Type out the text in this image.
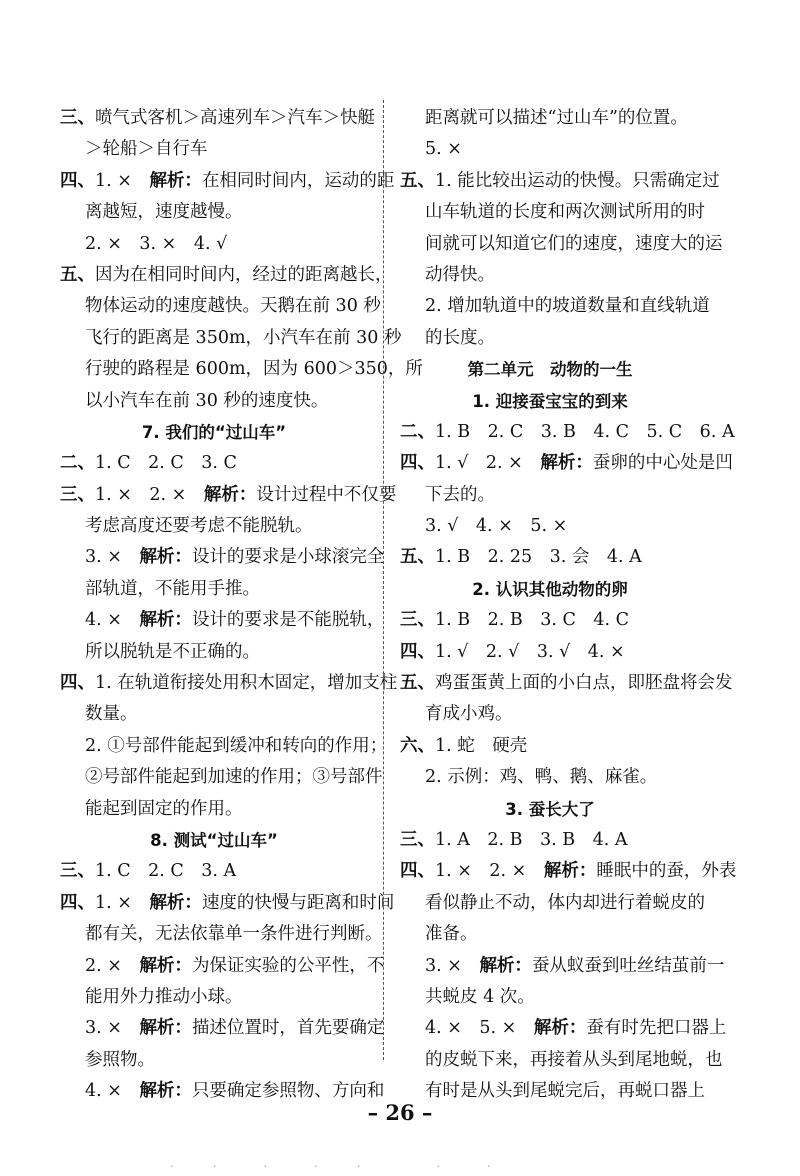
三、喷气式客机＞高速列车＞汽车＞快艇
＞轮船＞自行车
四、1. ×　解析：在相同时间内，运动的距
离越短，速度越慢。
2. ×　3. ×　4. √
五、因为在相同时间内，经过的距离越长，
物体运动的速度越快。天鹅在前 30 秒
飞行的距离是 350m，小汽车在前 30 秒
行驶的路程是 600m，因为 600＞350，所
以小汽车在前 30 秒的速度快。
7. 我们的“过山车”
二、1. C　2. C　3. C
三、1. ×　2. ×　解析：设计过程中不仅要
考虑高度还要考虑不能脱轨。
3. ×　解析：设计的要求是小球滚完全
部轨道，不能用手推。
4. ×　解析：设计的要求是不能脱轨，
所以脱轨是不正确的。
四、1. 在轨道衔接处用积木固定，增加支柱
数量。
2. ①号部件能起到缓冲和转向的作用；
②号部件能起到加速的作用；③号部件
能起到固定的作用。
8. 测试“过山车”
三、1. C　2. C　3. A
四、1. ×　解析：速度的快慢与距离和时间
都有关，无法依靠单一条件进行判断。
2. ×　解析：为保证实验的公平性，不
能用外力推动小球。
3. ×　解析：描述位置时，首先要确定
参照物。
4. ×　解析：只要确定参照物、方向和
距离就可以描述“过山车”的位置。
5. ×
五、1. 能比较出运动的快慢。只需确定过
山车轨道的长度和两次测试所用的时
间就可以知道它们的速度，速度大的运
动得快。
2. 增加轨道中的坡道数量和直线轨道
的长度。
第二单元　动物的一生
1. 迎接蚕宝宝的到来
二、1. B　2. C　3. B　4. C　5. C　6. A
四、1. √　2. ×　解析：蚕卵的中心处是凹
下去的。
3. √　4. ×　5. ×
五、1. B　2. 25　3. 会　4. A
2. 认识其他动物的卵
三、1. B　2. B　3. C　4. C
四、1. √　2. √　3. √　4. ×
五、鸡蛋蛋黄上面的小白点，即胚盘将会发
育成小鸡。
六、1. 蛇　硬壳
2. 示例：鸡、鸭、鹅、麻雀。
3. 蚕长大了
三、1. A　2. B　3. B　4. A
四、1. ×　2. ×　解析：睡眠中的蚕，外表
看似静止不动，体内却进行着蜕皮的
准备。
3. ×　解析：蚕从蚁蚕到吐丝结茧前一
共蜕皮 4 次。
4. ×　5. ×　解析：蚕有时先把口器上
的皮蜕下来，再接着从头到尾地蜕，也
有时是从头到尾蜕完后，再蜕口器上
– 26 –
· ·　·　· ·　　·　·
